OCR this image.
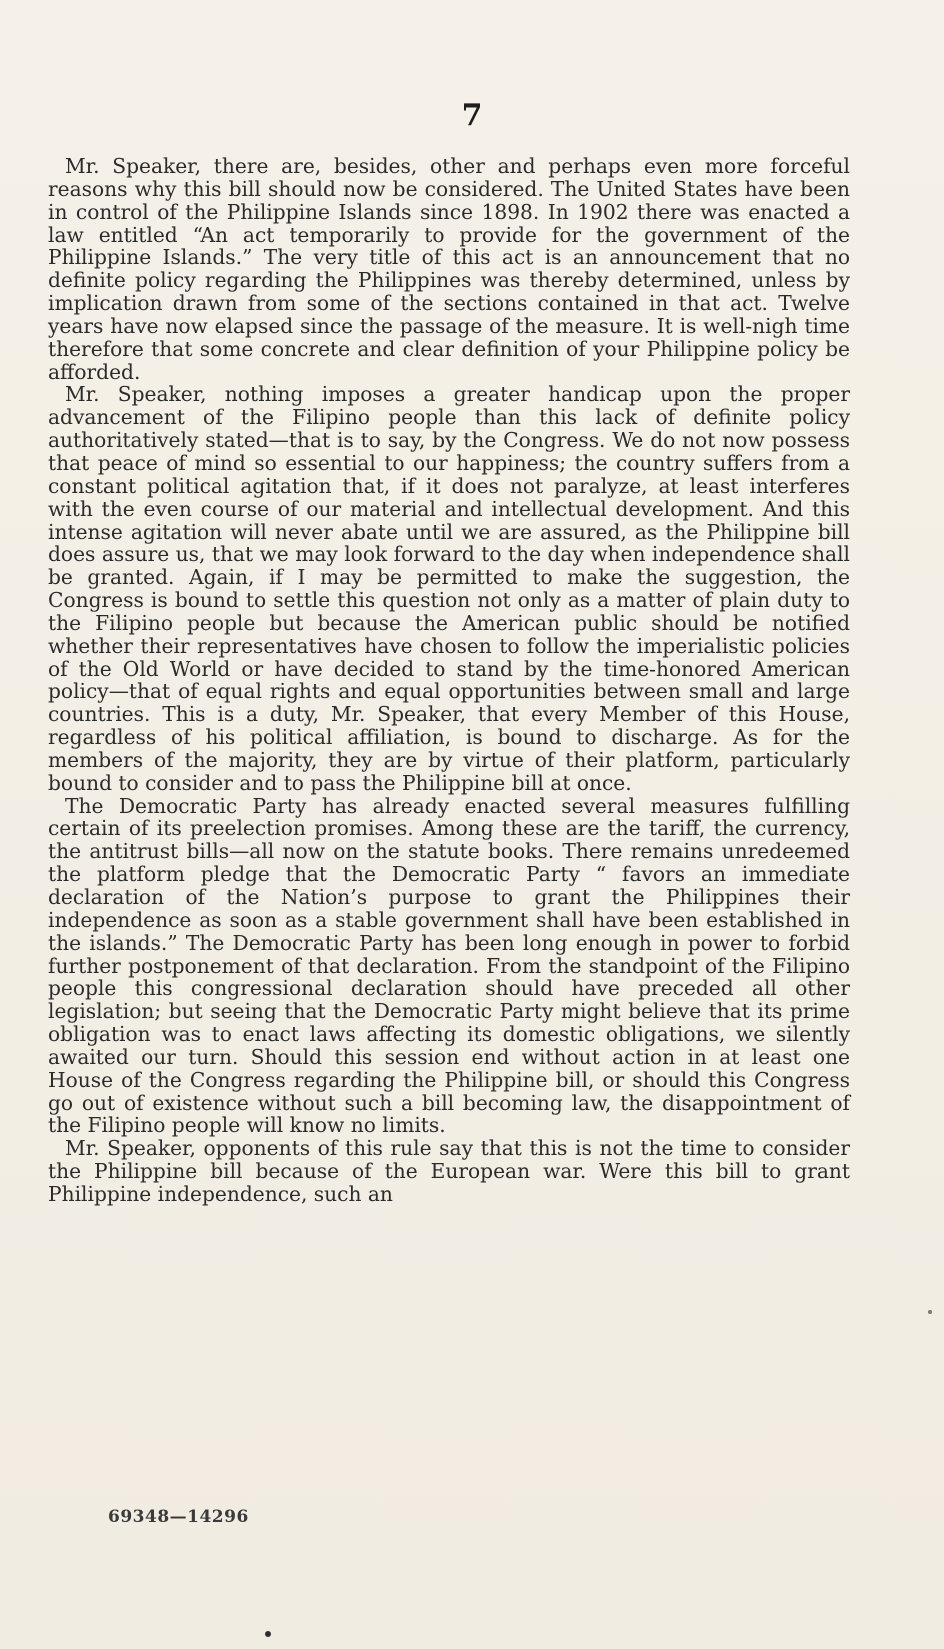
7

Mr. Speaker, there are, besides, other and perhaps even more forceful reasons why this bill should now be considered. The United States have been in control of the Philippine Islands since 1898. In 1902 there was enacted a law entitled “An act temporarily to provide for the government of the Philippine Islands.” The very title of this act is an announcement that no definite policy regarding the Philippines was thereby determined, unless by implication drawn from some of the sections contained in that act. Twelve years have now elapsed since the passage of the measure. It is well-nigh time therefore that some concrete and clear definition of your Philippine policy be afforded.

Mr. Speaker, nothing imposes a greater handicap upon the proper advancement of the Filipino people than this lack of definite policy authoritatively stated—that is to say, by the Congress. We do not now possess that peace of mind so essential to our happiness; the country suffers from a constant political agitation that, if it does not paralyze, at least interferes with the even course of our material and intellectual development. And this intense agitation will never abate until we are assured, as the Philippine bill does assure us, that we may look forward to the day when independence shall be granted. Again, if I may be permitted to make the suggestion, the Congress is bound to settle this question not only as a matter of plain duty to the Filipino people but because the American public should be notified whether their representatives have chosen to follow the imperialistic policies of the Old World or have decided to stand by the time-honored American policy—that of equal rights and equal opportunities between small and large countries. This is a duty, Mr. Speaker, that every Member of this House, regardless of his political affiliation, is bound to discharge. As for the members of the majority, they are by virtue of their platform, particularly bound to consider and to pass the Philippine bill at once.

The Democratic Party has already enacted several measures fulfilling certain of its preelection promises. Among these are the tariff, the currency, the antitrust bills—all now on the statute books. There remains unredeemed the platform pledge that the Democratic Party “ favors an immediate declaration of the Nation’s purpose to grant the Philippines their independence as soon as a stable government shall have been established in the islands.” The Democratic Party has been long enough in power to forbid further postponement of that declaration. From the standpoint of the Filipino people this congressional declaration should have preceded all other legislation; but seeing that the Democratic Party might believe that its prime obligation was to enact laws affecting its domestic obligations, we silently awaited our turn. Should this session end without action in at least one House of the Congress regarding the Philippine bill, or should this Congress go out of existence without such a bill becoming law, the disappointment of the Filipino people will know no limits.

Mr. Speaker, opponents of this rule say that this is not the time to consider the Philippine bill because of the European war. Were this bill to grant Philippine independence, such an

69348—14296
